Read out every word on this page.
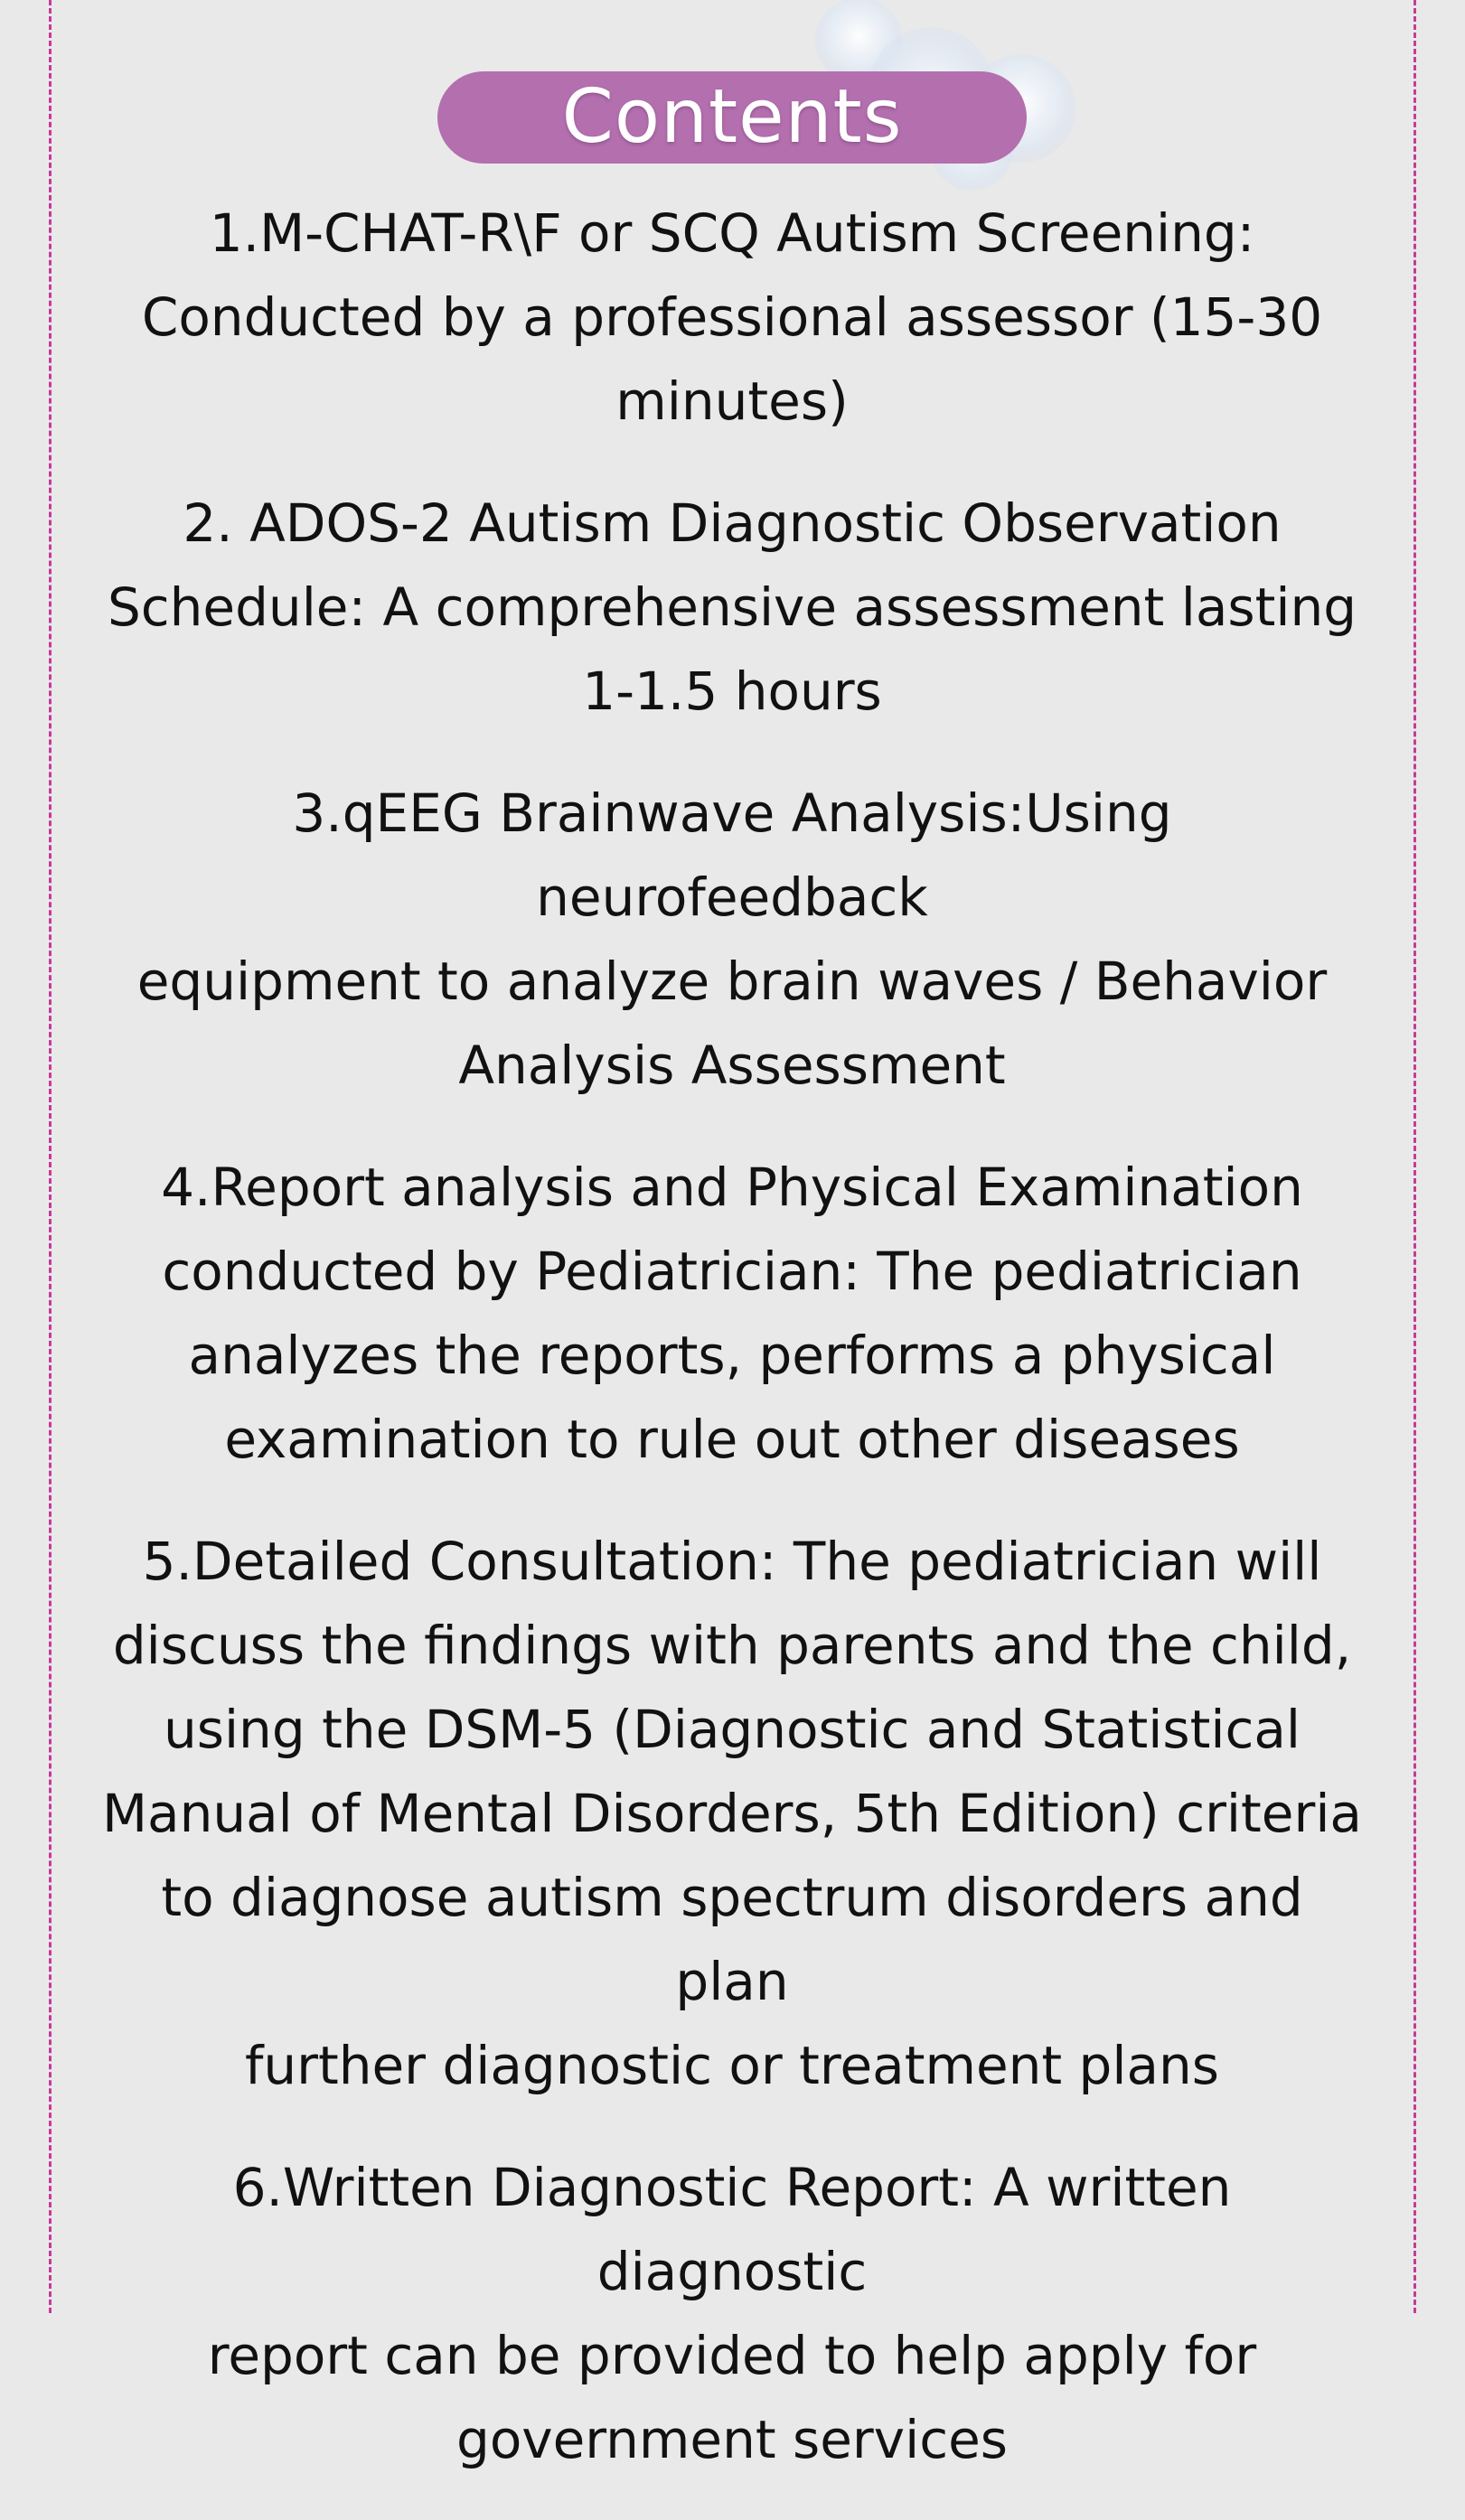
Contents
1.M-CHAT-R\F or SCQ Autism Screening:
Conducted by a professional assessor (15-30
minutes)
2. ADOS-2 Autism Diagnostic Observation
Schedule: A comprehensive assessment lasting
1-1.5 hours
3.qEEG Brainwave Analysis:Using neurofeedback
equipment to analyze brain waves / Behavior
Analysis Assessment
4.Report analysis and Physical Examination
conducted by Pediatrician: The pediatrician
analyzes the reports, performs a physical
examination to rule out other diseases
5.Detailed Consultation: The pediatrician will
discuss the findings with parents and the child,
using the DSM-5 (Diagnostic and Statistical
Manual of Mental Disorders, 5th Edition) criteria
to diagnose autism spectrum disorders and plan
further diagnostic or treatment plans
6.Written Diagnostic Report: A written diagnostic
report can be provided to help apply for
government services
